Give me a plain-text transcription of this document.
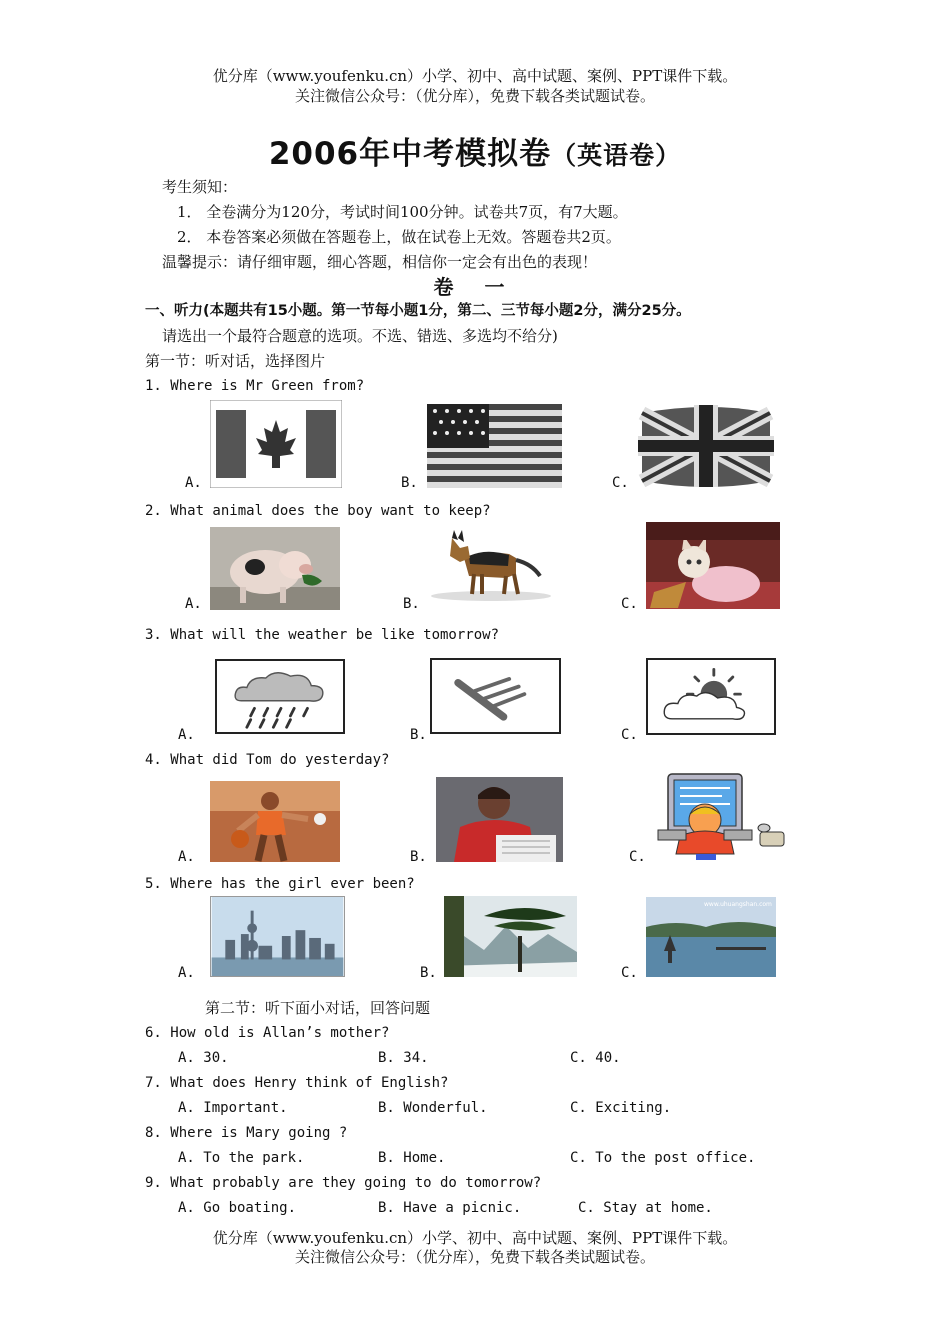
优分库（www.youfenku.cn）小学、初中、高中试题、案例、PPT课件下载。
关注微信公众号：（优分库），免费下载各类试题试卷。
2006年中考模拟卷（英语卷）
考生须知：
1． 全卷满分为120分，考试时间100分钟。试卷共7页，有7大题。
2． 本卷答案必须做在答题卷上，做在试卷上无效。答题卷共2页。
温馨提示：请仔细审题，细心答题，相信你一定会有出色的表现！
卷 一
一、听力(本题共有15小题。第一节每小题1分，第二、三节每小题2分，满分25分。
请选出一个最符合题意的选项。不选、错选、多选均不给分)
第一节：听对话，选择图片
1. Where is Mr Green from?
A.	B.	C.
2. What animal does the boy want to keep?
A.	B.	C.
3. What will the weather be like tomorrow?
A.	B.	C.
4. What did Tom do yesterday?
A.	B.	C.
5. Where has the girl ever been?
A.	B.	C.
www.uhuangshan.com
第二节：听下面小对话，回答问题
6. How old is Allan’s mother?
A. 30.	B. 34.	C. 40.
7. What does Henry think of English?
A. Important.	B. Wonderful.	C. Exciting.
8. Where is Mary going ?
A. To the park.	B. Home.	C. To the post office.
9. What probably are they going to do tomorrow?
A. Go boating.	B. Have a picnic.	C. Stay at home.
优分库（www.youfenku.cn）小学、初中、高中试题、案例、PPT课件下载。
关注微信公众号：（优分库），免费下载各类试题试卷。
